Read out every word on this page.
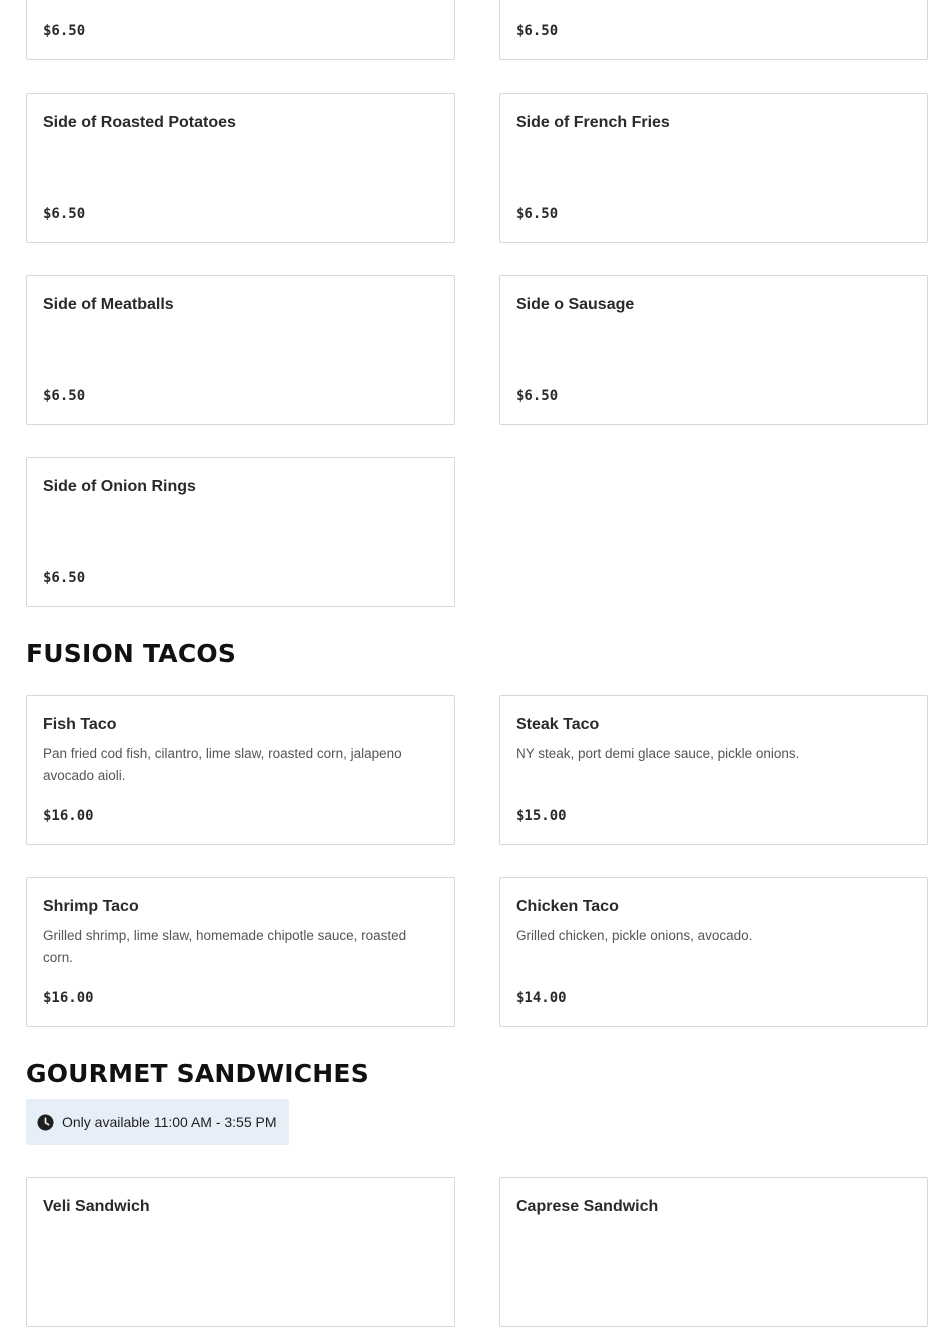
$6.50	$6.50
Side of Roasted Potatoes
$6.50
Side of French Fries
$6.50
Side of Meatballs
$6.50
Side o Sausage
$6.50
Side of Onion Rings
$6.50
FUSION TACOS
Fish Taco
Pan fried cod fish, cilantro, lime slaw, roasted corn, jalapeno avocado aioli.
$16.00
Steak Taco
NY steak, port demi glace sauce, pickle onions.
$15.00
Shrimp Taco
Grilled shrimp, lime slaw, homemade chipotle sauce, roasted corn.
$16.00
Chicken Taco
Grilled chicken, pickle onions, avocado.
$14.00
GOURMET SANDWICHES
Only available 11:00 AM - 3:55 PM
Veli Sandwich	Caprese Sandwich
